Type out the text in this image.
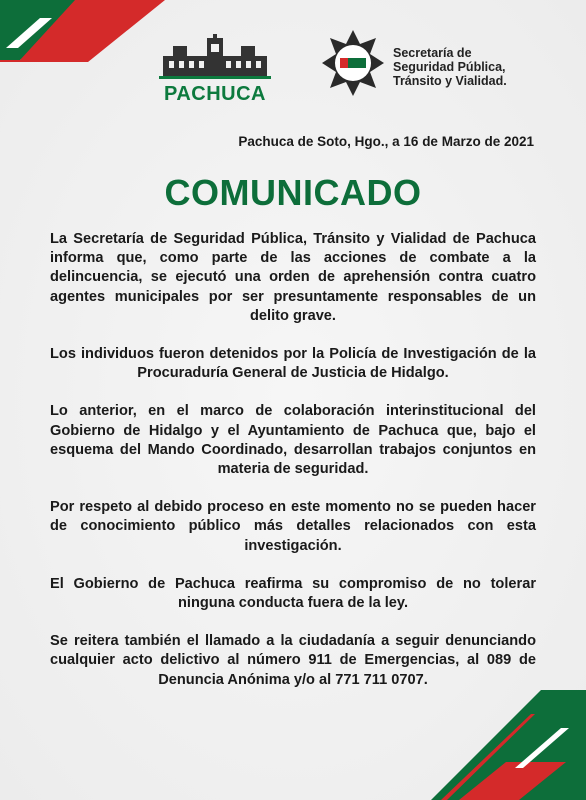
PACHUCA
Secretaría de
Seguridad Pública,
Tránsito y Vialidad.
Pachuca de Soto, Hgo., a 16 de Marzo de 2021
COMUNICADO

La Secretaría de Seguridad Pública, Tránsito y Vialidad de Pachuca informa que, como parte de las acciones de combate a la delincuencia, se ejecutó una orden de aprehensión contra cuatro agentes municipales por ser presuntamente responsables de un delito grave.

Los individuos fueron detenidos por la Policía de Investigación de la Procuraduría General de Justicia de Hidalgo.

Lo anterior, en el marco de colaboración interinstitucional del Gobierno de Hidalgo y el Ayuntamiento de Pachuca que, bajo el esquema del Mando Coordinado, desarrollan trabajos conjuntos en materia de seguridad.

Por respeto al debido proceso en este momento no se pueden hacer de conocimiento público más detalles relacionados con esta investigación.

El Gobierno de Pachuca reafirma su compromiso de no tolerar ninguna conducta fuera de la ley.

Se reitera también el llamado a la ciudadanía a seguir denunciando cualquier acto delictivo al número 911 de Emergencias, al 089 de Denuncia Anónima y/o al 771 711 0707.
